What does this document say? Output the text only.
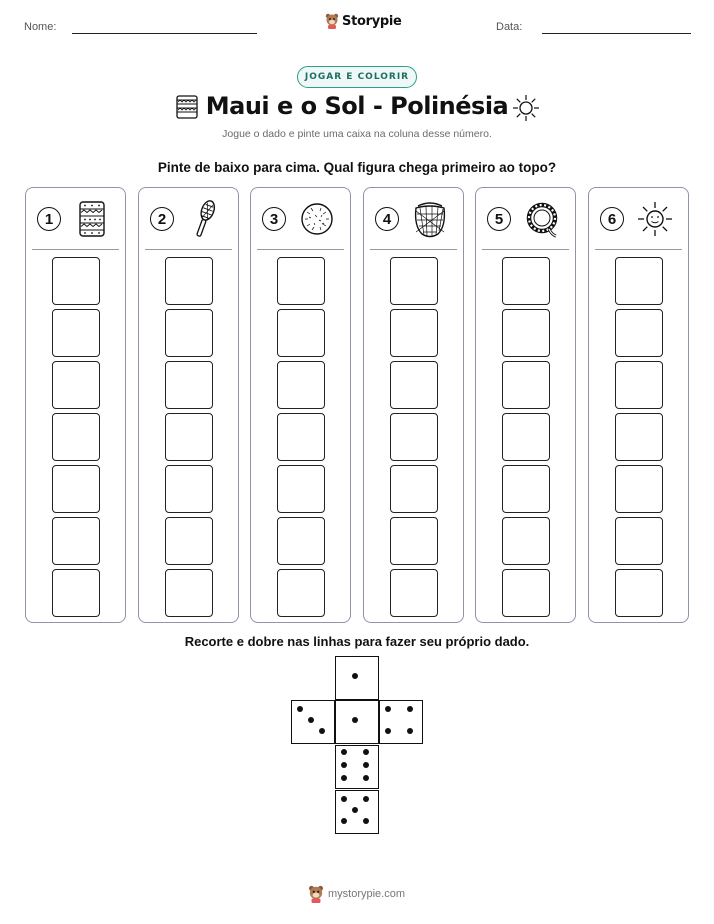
Nome:	Storypie	Data:
JOGAR E COLORIR
Maui e o Sol - Polinésia
Jogue o dado e pinte uma caixa na coluna desse número.
Pinte de baixo para cima. Qual figura chega primeiro ao topo?
1	2	3	4	5	6
Recorte e dobre nas linhas para fazer seu próprio dado.
mystorypie.com
